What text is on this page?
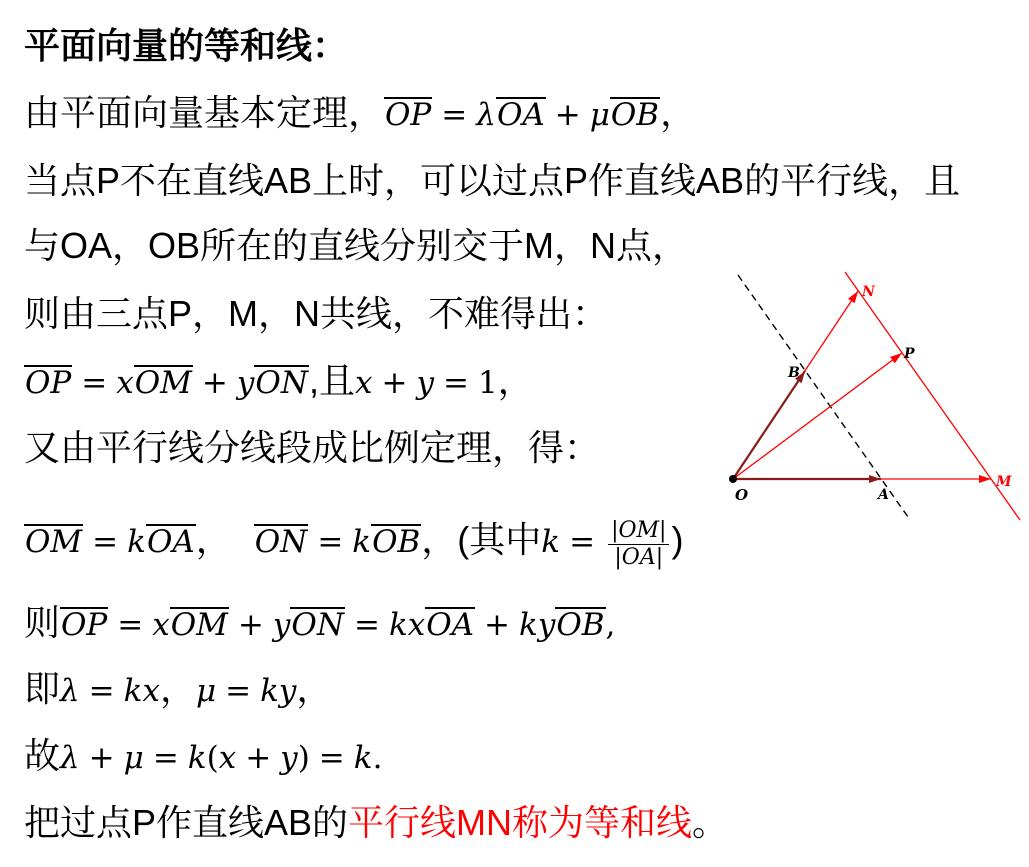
平面向量的等和线：
由平面向量基本定理， OP = λ OA + μ OB ，
当点P不在直线AB上时，可以过点P作直线AB的平行线，且
与OA，OB所在的直线分别交于M，N点，
则由三点P，M，N共线，不难得出：
OP = x OM + y ON ,且 x + y = 1 ，
又由平行线分线段成比例定理，得：
OM = k OA ， ON = k OB ，(其中 $k = \frac{|OM|}{|OA|}$ )
则 OP = x OM + y ON = kx OA + ky OB ,
即 λ = kx ， μ = ky ，
故 λ + μ = k ( x + y ) = k .
把过点P作直线AB的 平行线MN称为等和线 。
O	A
B
N
P
M
